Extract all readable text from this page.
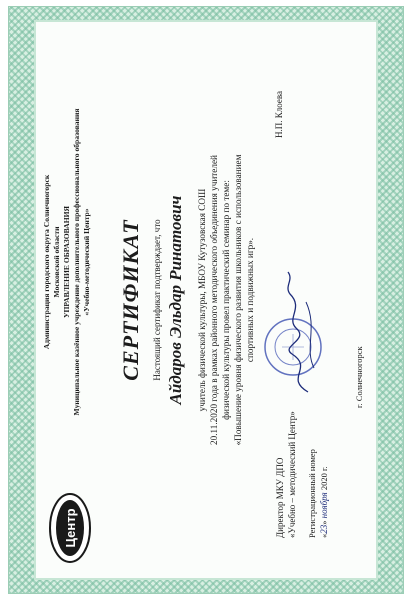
Центр
Администрация городского округа Солнечногорск Московской области УПРАВЛЕНИЕ ОБРАЗОВАНИЯ Муниципальное казённое учреждение дополнительного профессионального образования «Учебно-методический Центр» СЕРТИФИКАТ Настоящий сертификат подтверждает, что Айдаров Эльдар Ринатович учитель физической культуры, МБОУ Кутузовская СОШ 20.11.2020 года в рамках районного методического объединения учителей физической культуры провел практический семинар по теме: «Повышение уровня физического развития школьников с использованием спортивных и подвижных игр».
Директор МКУ ДПО «Учебно – методический Центр»
Н.П. Клоева
Регистрационный номер «23» ноября 2020 г.
г. Солнечногорск
